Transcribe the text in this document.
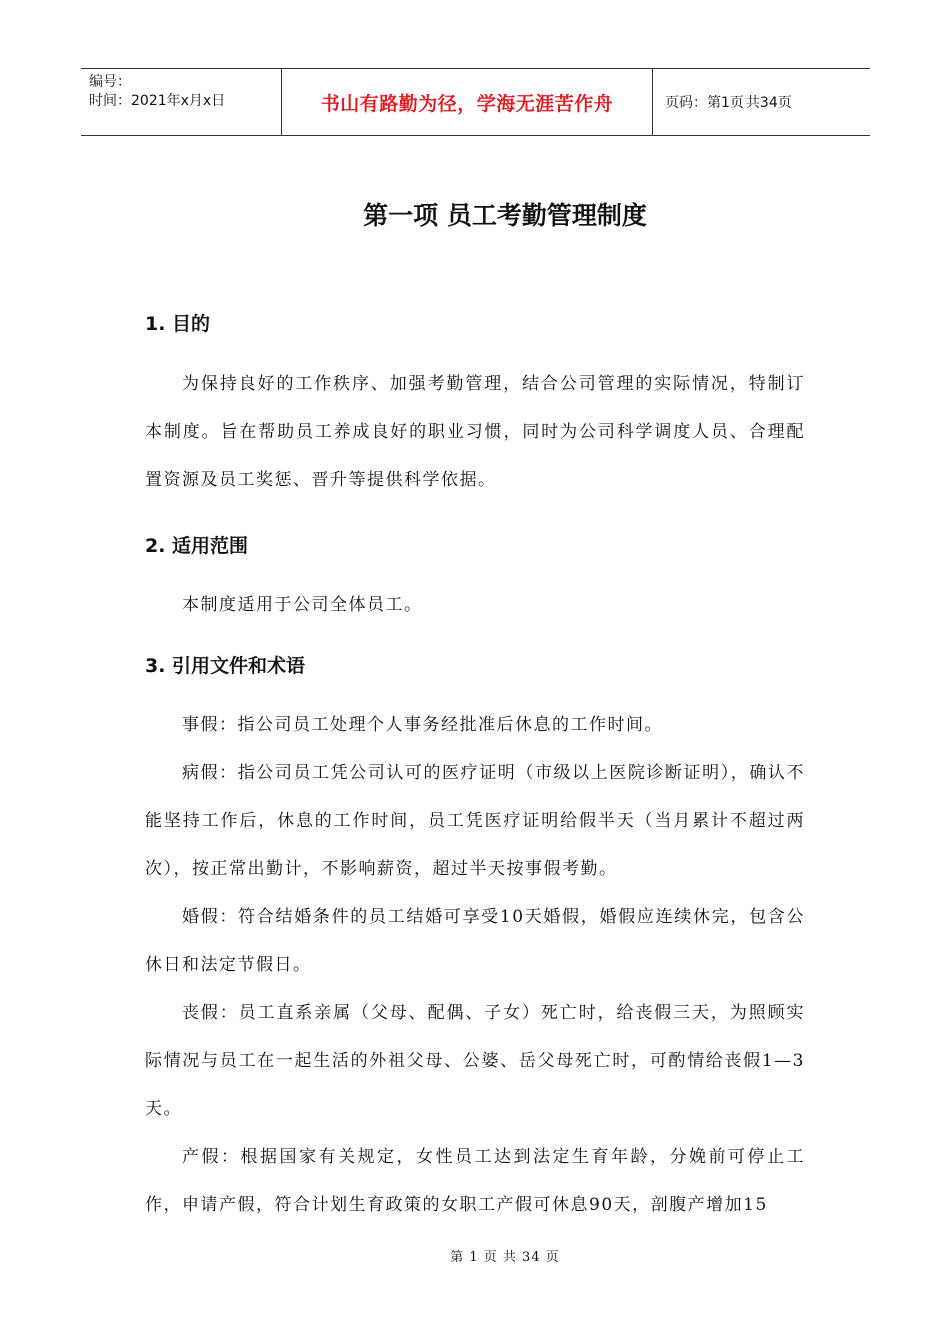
编号：
时间：2021年x月x日	书山有路勤为径，学海无涯苦作舟	页码：第1页 共34页
第一项 员工考勤管理制度
1. 目的
为保持良好的工作秩序、加强考勤管理，结合公司管理的实际情况，特制订本制度。旨在帮助员工养成良好的职业习惯，同时为公司科学调度人员、合理配置资源及员工奖惩、晋升等提供科学依据。
2. 适用范围
本制度适用于公司全体员工。
3. 引用文件和术语
事假：指公司员工处理个人事务经批准后休息的工作时间。
病假：指公司员工凭公司认可的医疗证明（市级以上医院诊断证明），确认不能坚持工作后，休息的工作时间，员工凭医疗证明给假半天（当月累计不超过两次），按正常出勤计，不影响薪资，超过半天按事假考勤。
婚假：符合结婚条件的员工结婚可享受10天婚假，婚假应连续休完，包含公休日和法定节假日。
丧假：员工直系亲属（父母、配偶、子女）死亡时，给丧假三天，为照顾实际情况与员工在一起生活的外祖父母、公婆、岳父母死亡时，可酌情给丧假1—3天。
产假：根据国家有关规定，女性员工达到法定生育年龄，分娩前可停止工作，申请产假，符合计划生育政策的女职工产假可休息90天，剖腹产增加15
第 1 页 共 34 页
